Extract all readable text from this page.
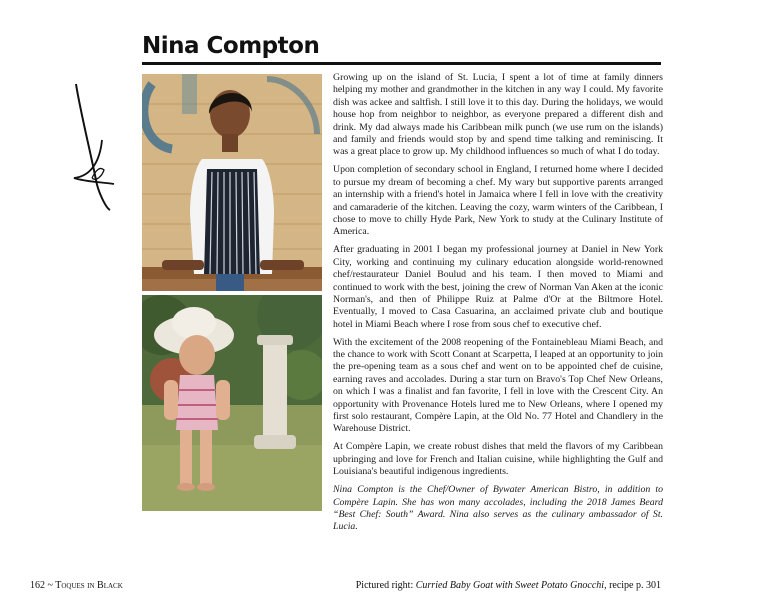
Nina Compton

Growing up on the island of St. Lucia, I spent a lot of time at family dinners helping my mother and grandmother in the kitchen in any way I could. My favorite dish was ackee and saltfish. I still love it to this day. During the holidays, we would house hop from neighbor to neighbor, as everyone prepared a different dish and drink. My dad always made his Caribbean milk punch (we use rum on the islands) and family and friends would stop by and spend time talking and reminiscing. It was a great place to grow up. My childhood influences so much of what I do today.

Upon completion of secondary school in England, I returned home where I decided to pursue my dream of becoming a chef. My wary but supportive parents arranged an internship with a friend's hotel in Jamaica where I fell in love with the creativity and camaraderie of the kitchen. Leaving the cozy, warm winters of the Caribbean, I chose to move to chilly Hyde Park, New York to study at the Culinary Institute of America.

After graduating in 2001 I began my professional journey at Daniel in New York City, working and continuing my culinary education alongside world-renowned chef/restaurateur Daniel Boulud and his team. I then moved to Miami and continued to work with the best, joining the crew of Norman Van Aken at the iconic Norman's, and then of Philippe Ruiz at Palme d'Or at the Biltmore Hotel. Eventually, I moved to Casa Casuarina, an acclaimed private club and boutique hotel in Miami Beach where I rose from sous chef to executive chef.

With the excitement of the 2008 reopening of the Fontainebleau Miami Beach, and the chance to work with Scott Conant at Scarpetta, I leaped at an opportunity to join the pre-opening team as a sous chef and went on to be appointed chef de cuisine, earning raves and accolades. During a star turn on Bravo's Top Chef New Orleans, on which I was a finalist and fan favorite, I fell in love with the Crescent City. An opportunity with Provenance Hotels lured me to New Orleans, where I opened my first solo restaurant, Compère Lapin, at the Old No. 77 Hotel and Chandlery in the Warehouse District.

At Compère Lapin, we create robust dishes that meld the flavors of my Caribbean upbringing and love for French and Italian cuisine, while highlighting the Gulf and Louisiana's beautiful indigenous ingredients.

Nina Compton is the Chef/Owner of Bywater American Bistro, in addition to Compère Lapin. She has won many accolades, including the 2018 James Beard “Best Chef: South” Award. Nina also serves as the culinary ambassador of St. Lucia.

162 ~ Toques in Black	Pictured right: Curried Baby Goat with Sweet Potato Gnocchi, recipe p. 301
